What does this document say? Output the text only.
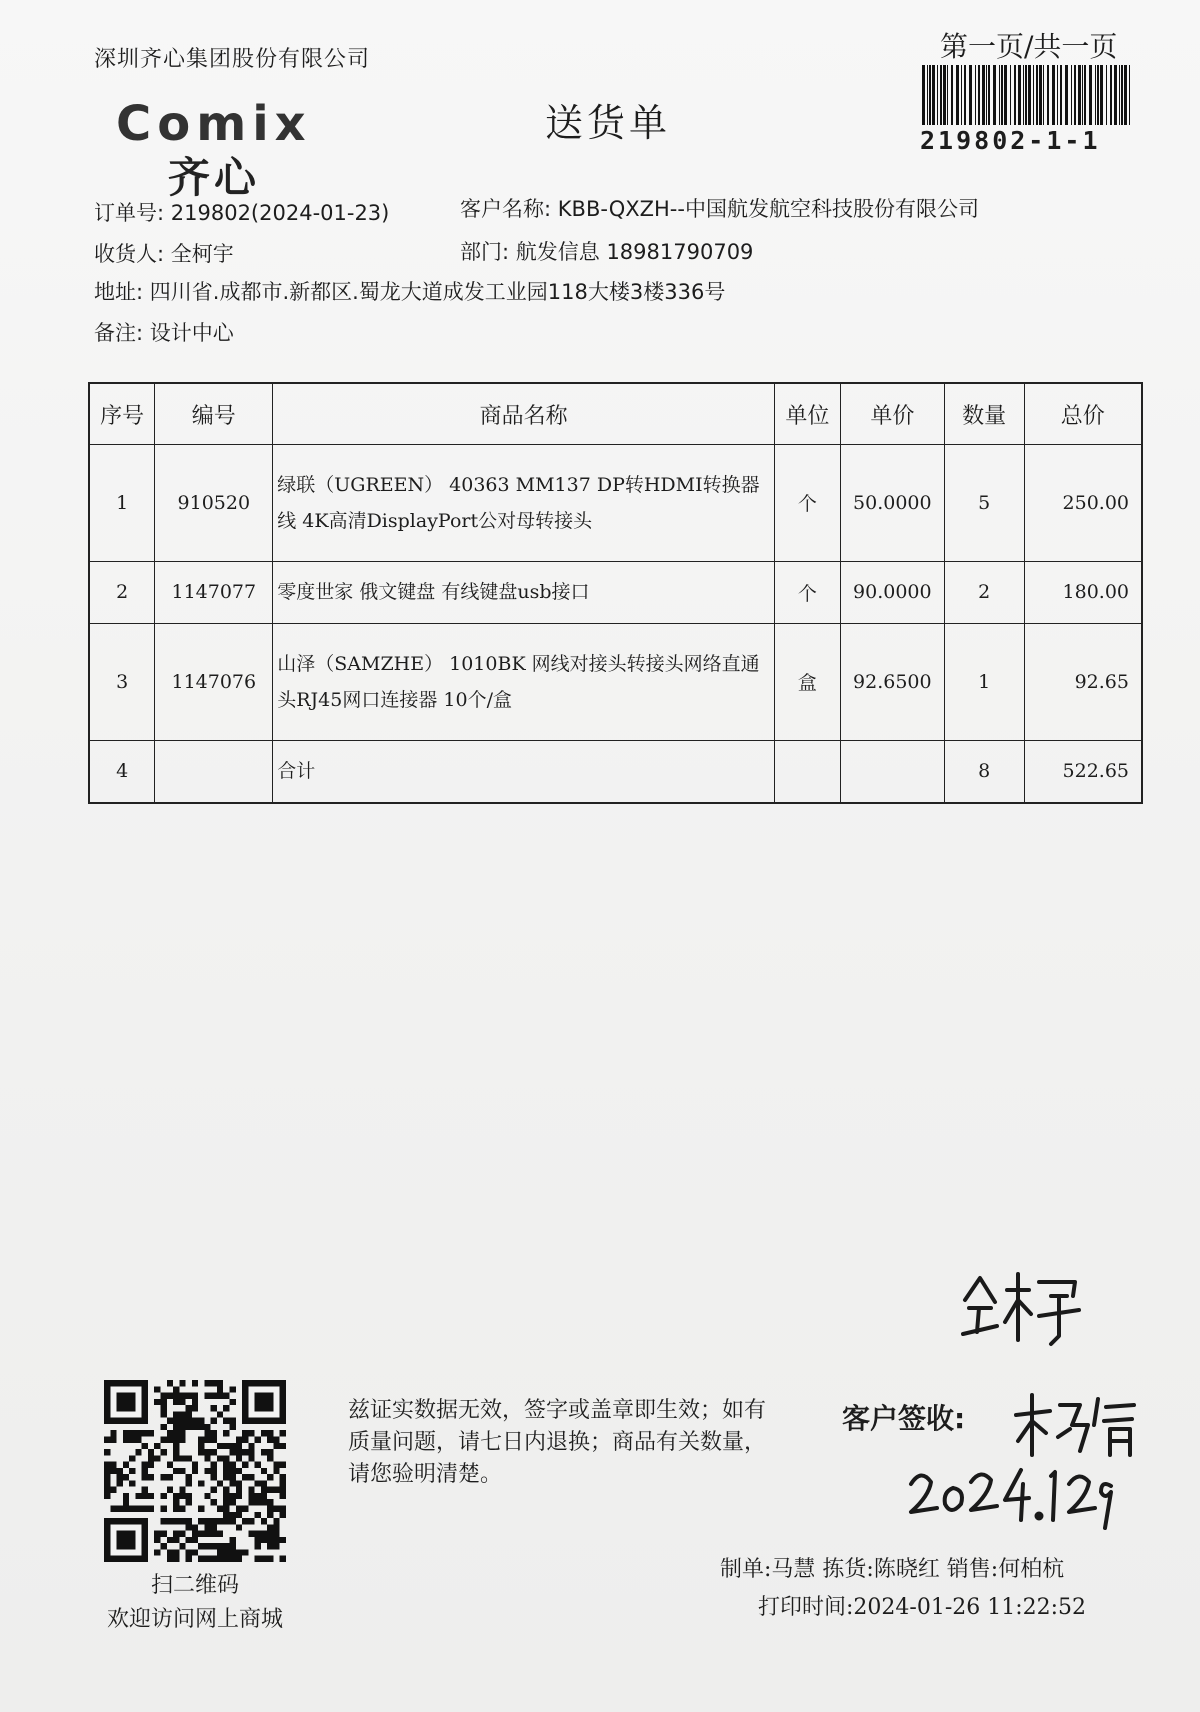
深圳齐心集团股份有限公司
Comix
齐心
送货单
第一页/共一页
219802-1-1
订单号: 219802(2024-01-23)	客户名称: KBB-QXZH--中国航发航空科技股份有限公司
收货人: 全柯宇	部门: 航发信息 18981790709
地址: 四川省.成都市.新都区.蜀龙大道成发工业园118大楼3楼336号
备注: 设计中心
序号	编号	商品名称	单位	单价	数量	总价
1	910520	绿联（UGREEN） 40363 MM137 DP转HDMI转换器线 4K高清DisplayPort公对母转接头	个	50.0000	5	250.00
2	1147077	零度世家 俄文键盘 有线键盘usb接口	个	90.0000	2	180.00
3	1147076	山泽（SAMZHE） 1010BK 网线对接头转接头网络直通头RJ45网口连接器 10个/盒	盒	92.6500	1	92.65
4		合计			8	522.65
扫二维码
欢迎访问网上商城
兹证实数据无效，签字或盖章即生效；如有质量问题，请七日内退换；商品有关数量，请您验明清楚。
客户签收:
制单:马慧 拣货:陈晓红 销售:何柏杭
打印时间:2024-01-26 11:22:52
